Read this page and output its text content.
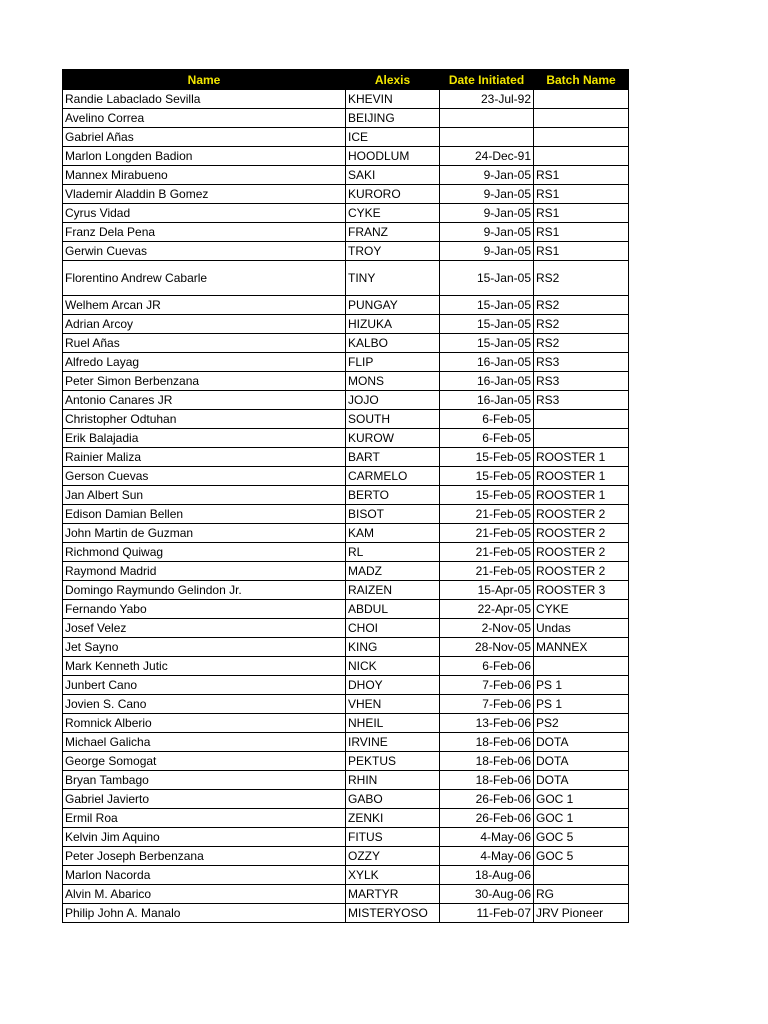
Name	Alexis	Date Initiated	Batch Name
Randie Labaclado Sevilla	KHEVIN	23-Jul-92	
Avelino Correa	BEIJING		
Gabriel Añas	ICE		
Marlon Longden Badion	HOODLUM	24-Dec-91	
Mannex Mirabueno	SAKI	9-Jan-05	RS1
Vlademir Aladdin B Gomez	KURORO	9-Jan-05	RS1
Cyrus Vidad	CYKE	9-Jan-05	RS1
Franz Dela Pena	FRANZ	9-Jan-05	RS1
Gerwin Cuevas	TROY	9-Jan-05	RS1
Florentino Andrew Cabarle	TINY	15-Jan-05	RS2
Welhem Arcan JR	PUNGAY	15-Jan-05	RS2
Adrian Arcoy	HIZUKA	15-Jan-05	RS2
Ruel Añas	KALBO	15-Jan-05	RS2
Alfredo Layag	FLIP	16-Jan-05	RS3
Peter Simon Berbenzana	MONS	16-Jan-05	RS3
Antonio Canares JR	JOJO	16-Jan-05	RS3
Christopher Odtuhan	SOUTH	6-Feb-05	
Erik Balajadia	KUROW	6-Feb-05	
Rainier Maliza	BART	15-Feb-05	ROOSTER 1
Gerson Cuevas	CARMELO	15-Feb-05	ROOSTER 1
Jan Albert Sun	BERTO	15-Feb-05	ROOSTER 1
Edison Damian Bellen	BISOT	21-Feb-05	ROOSTER 2
John Martin de Guzman	KAM	21-Feb-05	ROOSTER 2
Richmond Quiwag	RL	21-Feb-05	ROOSTER 2
Raymond Madrid	MADZ	21-Feb-05	ROOSTER 2
Domingo Raymundo Gelindon Jr.	RAIZEN	15-Apr-05	ROOSTER 3
Fernando Yabo	ABDUL	22-Apr-05	CYKE
Josef Velez	CHOI	2-Nov-05	Undas
Jet Sayno	KING	28-Nov-05	MANNEX
Mark Kenneth Jutic	NICK	6-Feb-06	
Junbert Cano	DHOY	7-Feb-06	PS 1
Jovien S. Cano	VHEN	7-Feb-06	PS 1
Romnick Alberio	NHEIL	13-Feb-06	PS2
Michael Galicha	IRVINE	18-Feb-06	DOTA
George Somogat	PEKTUS	18-Feb-06	DOTA
Bryan Tambago	RHIN	18-Feb-06	DOTA
Gabriel Javierto	GABO	26-Feb-06	GOC 1
Ermil Roa	ZENKI	26-Feb-06	GOC 1
Kelvin Jim Aquino	FITUS	4-May-06	GOC 5
Peter Joseph Berbenzana	OZZY	4-May-06	GOC 5
Marlon Nacorda	XYLK	18-Aug-06	
Alvin M. Abarico	MARTYR	30-Aug-06	RG
Philip John A. Manalo	MISTERYOSO	11-Feb-07	JRV Pioneer
